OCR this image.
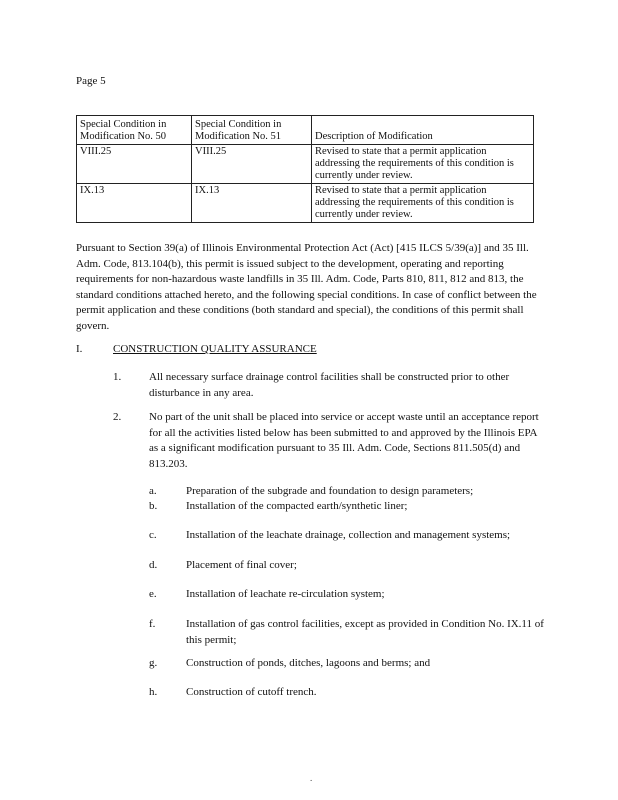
Page 5
Special Condition in Modification No. 50	Special Condition in Modification No. 51	Description of Modification
VIII.25	VIII.25	Revised to state that a permit application addressing the requirements of this condition is currently under review.
IX.13	IX.13	Revised to state that a permit application addressing the requirements of this condition is currently under review.
Pursuant to Section 39(a) of Illinois Environmental Protection Act (Act) [415 ILCS 5/39(a)] and 35 Ill. Adm. Code, 813.104(b), this permit is issued subject to the development, operating and reporting requirements for non-hazardous waste landfills in 35 Ill. Adm. Code, Parts 810, 811, 812 and 813, the standard conditions attached hereto, and the following special conditions. In case of conflict between the permit application and these conditions (both standard and special), the conditions of this permit shall govern.
I.	CONSTRUCTION QUALITY ASSURANCE
1.	All necessary surface drainage control facilities shall be constructed prior to other disturbance in any area.
2.	No part of the unit shall be placed into service or accept waste until an acceptance report for all the activities listed below has been submitted to and approved by the Illinois EPA as a significant modification pursuant to 35 Ill. Adm. Code, Sections 811.505(d) and 813.203.
a.	Preparation of the subgrade and foundation to design parameters;
b.	Installation of the compacted earth/synthetic liner;
c.	Installation of the leachate drainage, collection and management systems;
d.	Placement of final cover;
e.	Installation of leachate re-circulation system;
f.	Installation of gas control facilities, except as provided in Condition No. IX.11 of this permit;
g.	Construction of ponds, ditches, lagoons and berms; and
h.	Construction of cutoff trench.
.
